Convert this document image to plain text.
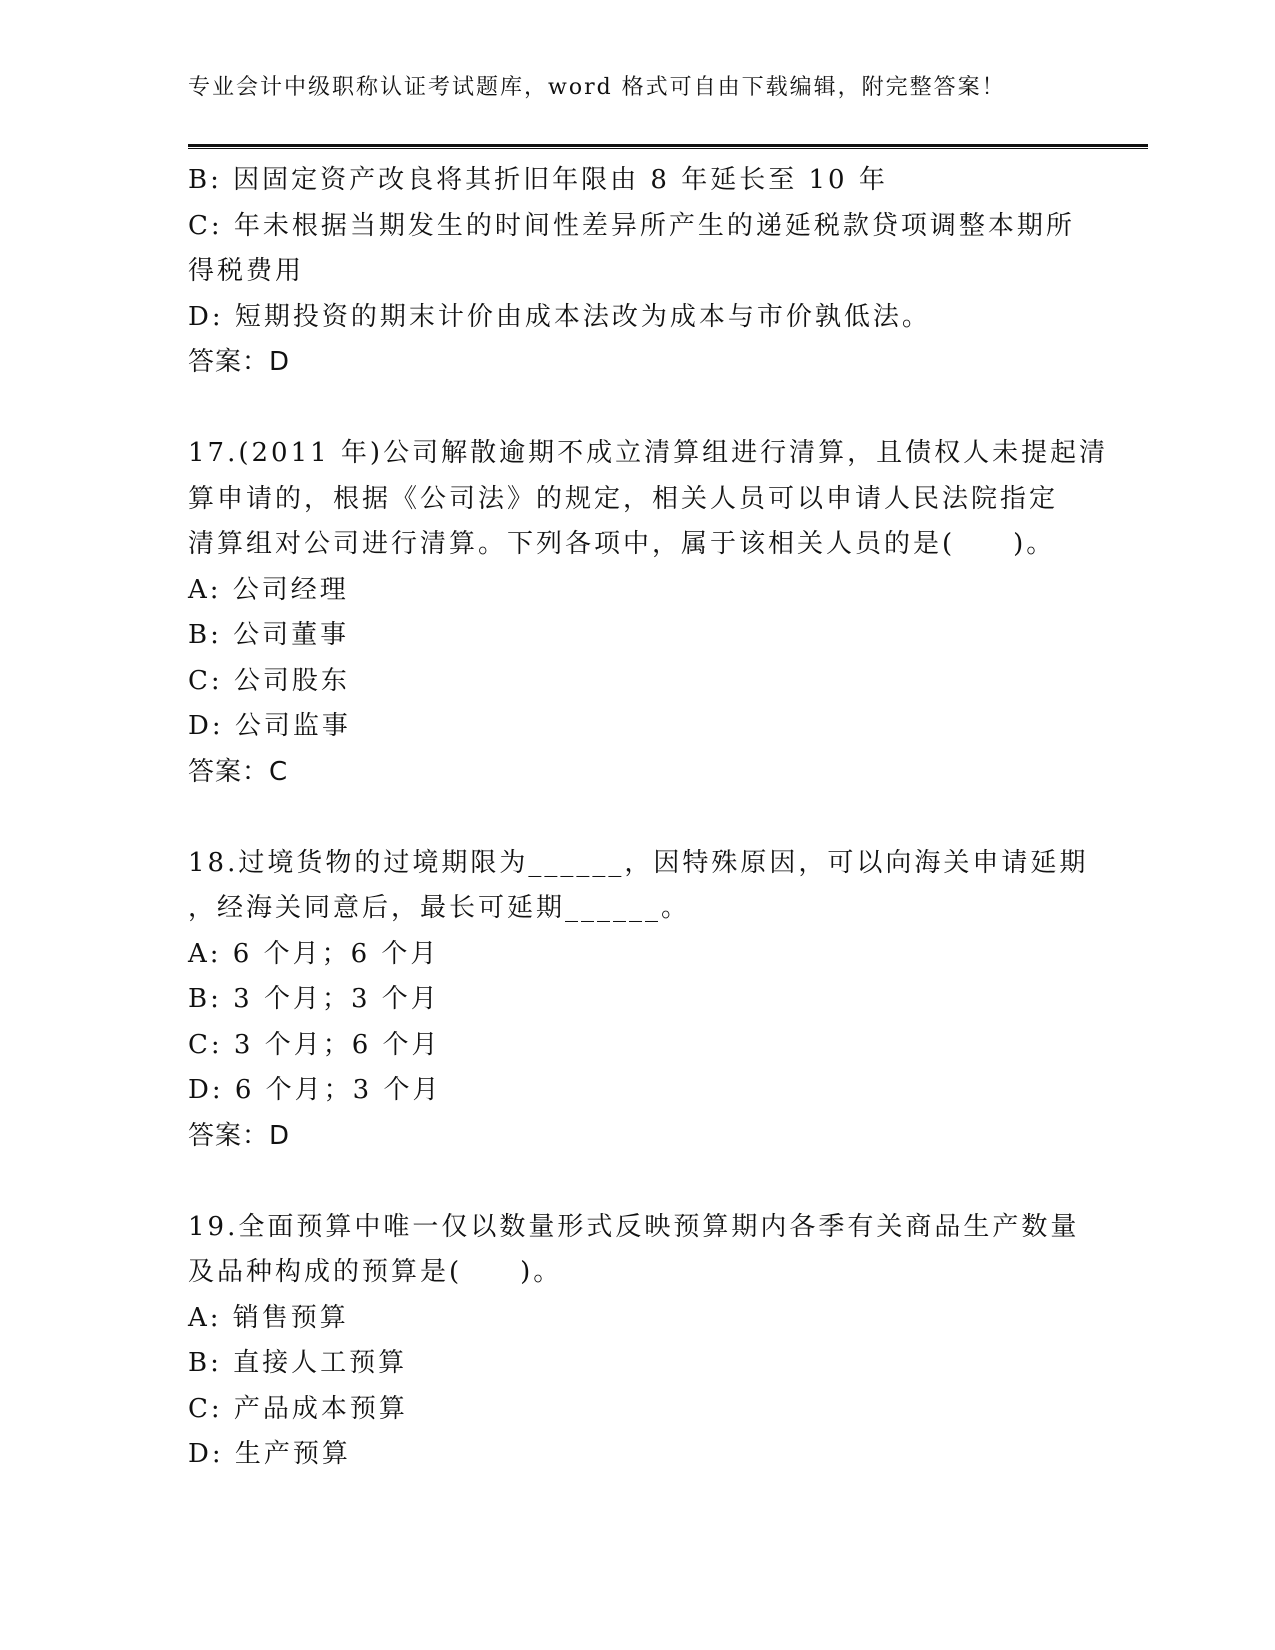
专业会计中级职称认证考试题库，word 格式可自由下载编辑，附完整答案！

B: 因固定资产改良将其折旧年限由 8 年延长至 10 年

C: 年未根据当期发生的时间性差异所产生的递延税款贷项调整本期所

得税费用

D: 短期投资的期末计价由成本法改为成本与市价孰低法。

答案：D

17.(2011 年)公司解散逾期不成立清算组进行清算，且债权人未提起清

算申请的，根据《公司法》的规定，相关人员可以申请人民法院指定

清算组对公司进行清算。下列各项中，属于该相关人员的是(　　)。

A: 公司经理

B: 公司董事

C: 公司股东

D: 公司监事

答案：C

18.过境货物的过境期限为______，因特殊原因，可以向海关申请延期

，经海关同意后，最长可延期______。

A: 6 个月；6 个月

B: 3 个月；3 个月

C: 3 个月；6 个月

D: 6 个月；3 个月

答案：D

19.全面预算中唯一仅以数量形式反映预算期内各季有关商品生产数量

及品种构成的预算是(　　)。

A: 销售预算

B: 直接人工预算

C: 产品成本预算

D: 生产预算
